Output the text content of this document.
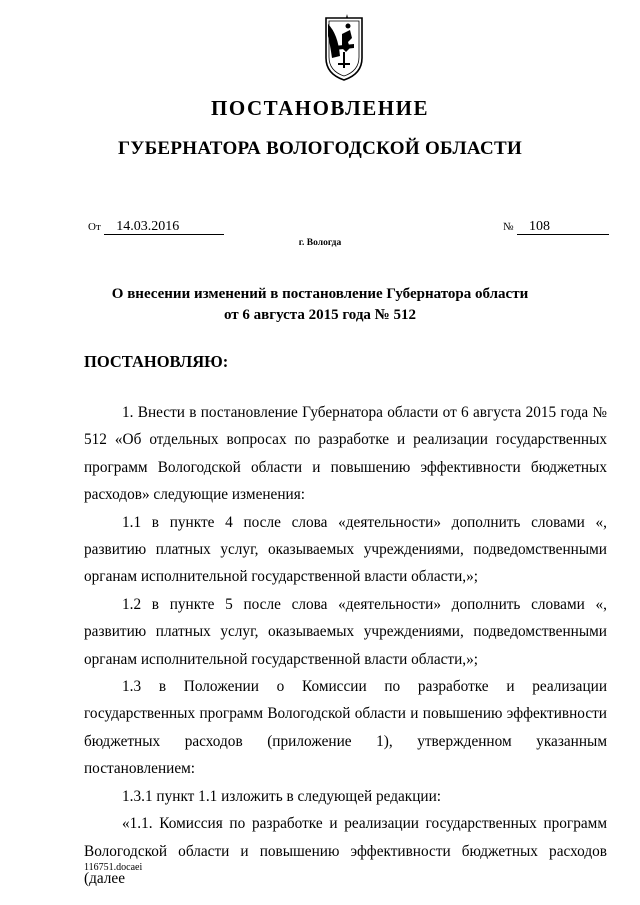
ПОСТАНОВЛЕНИЕ
ГУБЕРНАТОРА ВОЛОГОДСКОЙ ОБЛАСТИ
От 14.03.2016	№ 108
г. Вологда
О внесении изменений в постановление Губернатора области
от 6 августа 2015 года № 512
ПОСТАНОВЛЯЮ:

1. Внести в постановление Губернатора области от 6 августа 2015 года № 512 «Об отдельных вопросах по разработке и реализации государственных программ Вологодской области и повышению эффективности бюджетных расходов» следующие изменения:

1.1 в пункте 4 после слова «деятельности» дополнить словами «, развитию платных услуг, оказываемых учреждениями, подведомственными органам исполнительной государственной власти области,»;

1.2 в пункте 5 после слова «деятельности» дополнить словами «, развитию платных услуг, оказываемых учреждениями, подведомственными органам исполнительной государственной власти области,»;

1.3 в Положении о Комиссии по разработке и реализации государственных программ Вологодской области и повышению эффективности бюджетных расходов (приложение 1), утвержденном указанным постановлением:

1.3.1 пункт 1.1 изложить в следующей редакции:

«1.1. Комиссия по разработке и реализации государственных программ Вологодской области и повышению эффективности бюджетных расходов (далее

116751.docaei
